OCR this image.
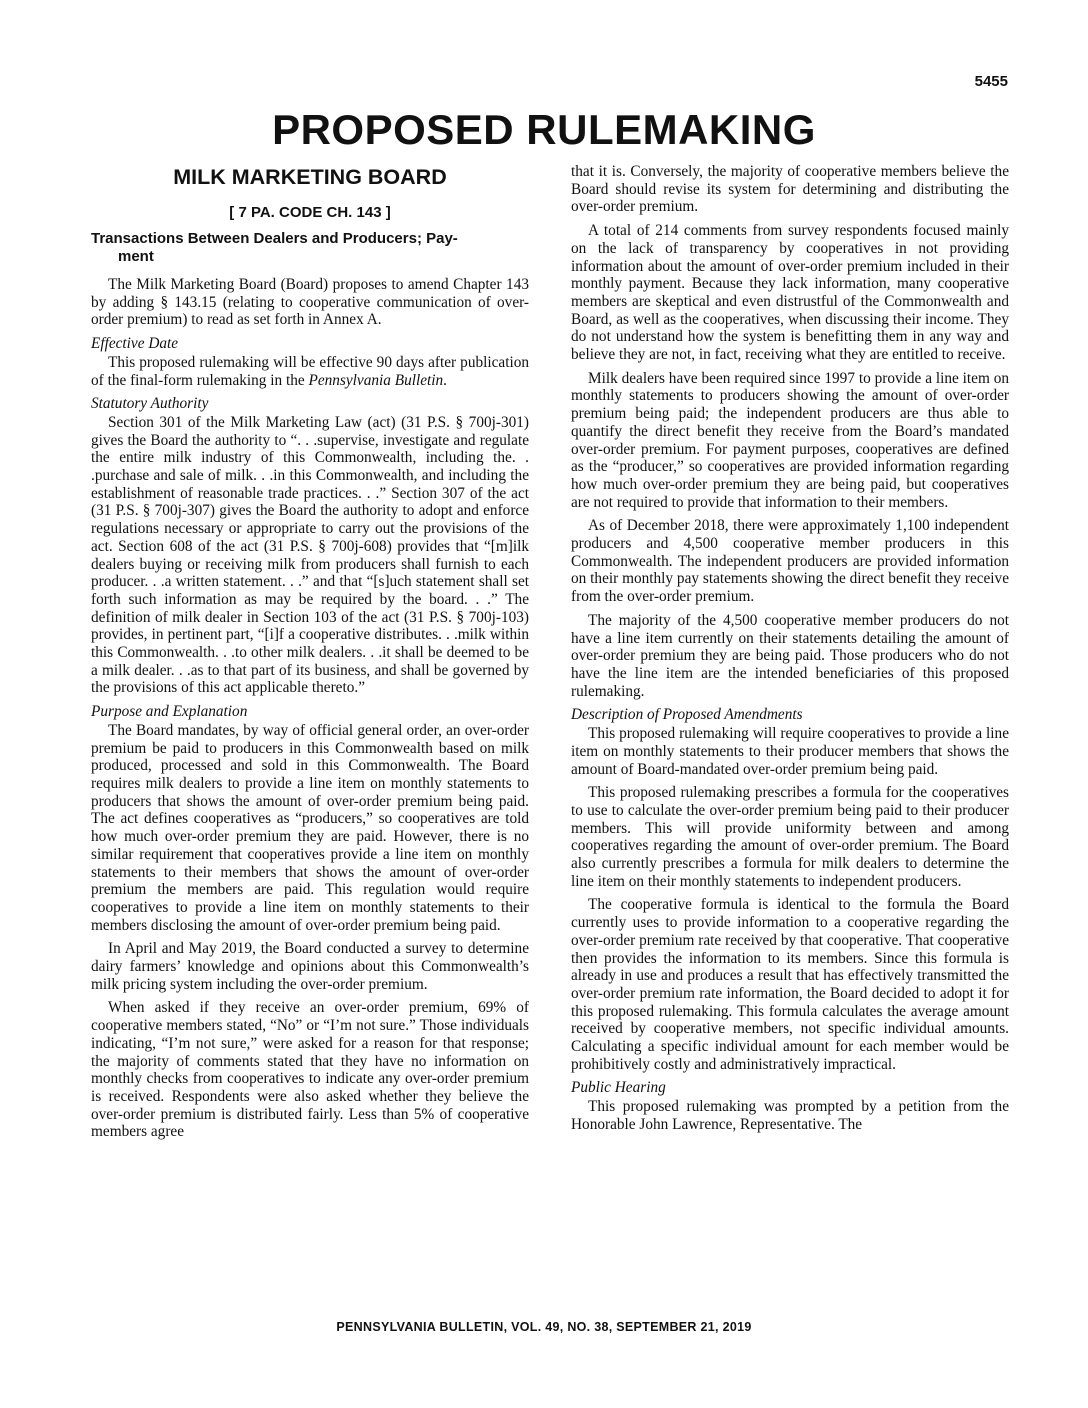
5455
PROPOSED RULEMAKING
MILK MARKETING BOARD
[ 7 PA. CODE CH. 143 ]
Transactions Between Dealers and Producers; Pay-
ment

The Milk Marketing Board (Board) proposes to amend Chapter 143 by adding § 143.15 (relating to cooperative communication of over-order premium) to read as set forth in Annex A.

Effective Date

This proposed rulemaking will be effective 90 days after publication of the final-form rulemaking in the Pennsylvania Bulletin.

Statutory Authority

Section 301 of the Milk Marketing Law (act) (31 P.S. § 700j-301) gives the Board the authority to “. . .supervise, investigate and regulate the entire milk industry of this Commonwealth, including the. . .purchase and sale of milk. . .in this Commonwealth, and including the establishment of reasonable trade practices. . .” Section 307 of the act (31 P.S. § 700j-307) gives the Board the authority to adopt and enforce regulations necessary or appropriate to carry out the provisions of the act. Section 608 of the act (31 P.S. § 700j-608) provides that “[m]ilk dealers buying or receiving milk from producers shall furnish to each producer. . .a written statement. . .” and that “[s]uch statement shall set forth such information as may be required by the board. . .” The definition of milk dealer in Section 103 of the act (31 P.S. § 700j-103) provides, in pertinent part, “[i]f a cooperative distributes. . .milk within this Commonwealth. . .to other milk dealers. . .it shall be deemed to be a milk dealer. . .as to that part of its business, and shall be governed by the provisions of this act applicable thereto.”

Purpose and Explanation

The Board mandates, by way of official general order, an over-order premium be paid to producers in this Commonwealth based on milk produced, processed and sold in this Commonwealth. The Board requires milk dealers to provide a line item on monthly statements to producers that shows the amount of over-order premium being paid. The act defines cooperatives as “producers,” so cooperatives are told how much over-order premium they are paid. However, there is no similar requirement that cooperatives provide a line item on monthly statements to their members that shows the amount of over-order premium the members are paid. This regulation would require cooperatives to provide a line item on monthly statements to their members disclosing the amount of over-order premium being paid.

In April and May 2019, the Board conducted a survey to determine dairy farmers’ knowledge and opinions about this Commonwealth’s milk pricing system including the over-order premium.

When asked if they receive an over-order premium, 69% of cooperative members stated, “No” or “I’m not sure.” Those individuals indicating, “I’m not sure,” were asked for a reason for that response; the majority of comments stated that they have no information on monthly checks from cooperatives to indicate any over-order premium is received. Respondents were also asked whether they believe the over-order premium is distributed fairly. Less than 5% of cooperative members agree

that it is. Conversely, the majority of cooperative members believe the Board should revise its system for determining and distributing the over-order premium.

A total of 214 comments from survey respondents focused mainly on the lack of transparency by cooperatives in not providing information about the amount of over-order premium included in their monthly payment. Because they lack information, many cooperative members are skeptical and even distrustful of the Commonwealth and Board, as well as the cooperatives, when discussing their income. They do not understand how the system is benefitting them in any way and believe they are not, in fact, receiving what they are entitled to receive.

Milk dealers have been required since 1997 to provide a line item on monthly statements to producers showing the amount of over-order premium being paid; the independent producers are thus able to quantify the direct benefit they receive from the Board’s mandated over-order premium. For payment purposes, cooperatives are defined as the “producer,” so cooperatives are provided information regarding how much over-order premium they are being paid, but cooperatives are not required to provide that information to their members.

As of December 2018, there were approximately 1,100 independent producers and 4,500 cooperative member producers in this Commonwealth. The independent producers are provided information on their monthly pay statements showing the direct benefit they receive from the over-order premium.

The majority of the 4,500 cooperative member producers do not have a line item currently on their statements detailing the amount of over-order premium they are being paid. Those producers who do not have the line item are the intended beneficiaries of this proposed rulemaking.

Description of Proposed Amendments

This proposed rulemaking will require cooperatives to provide a line item on monthly statements to their producer members that shows the amount of Board-mandated over-order premium being paid.

This proposed rulemaking prescribes a formula for the cooperatives to use to calculate the over-order premium being paid to their producer members. This will provide uniformity between and among cooperatives regarding the amount of over-order premium. The Board also currently prescribes a formula for milk dealers to determine the line item on their monthly statements to independent producers.

The cooperative formula is identical to the formula the Board currently uses to provide information to a cooperative regarding the over-order premium rate received by that cooperative. That cooperative then provides the information to its members. Since this formula is already in use and produces a result that has effectively transmitted the over-order premium rate information, the Board decided to adopt it for this proposed rulemaking. This formula calculates the average amount received by cooperative members, not specific individual amounts. Calculating a specific individual amount for each member would be prohibitively costly and administratively impractical.

Public Hearing

This proposed rulemaking was prompted by a petition from the Honorable John Lawrence, Representative. The

PENNSYLVANIA BULLETIN, VOL. 49, NO. 38, SEPTEMBER 21, 2019
